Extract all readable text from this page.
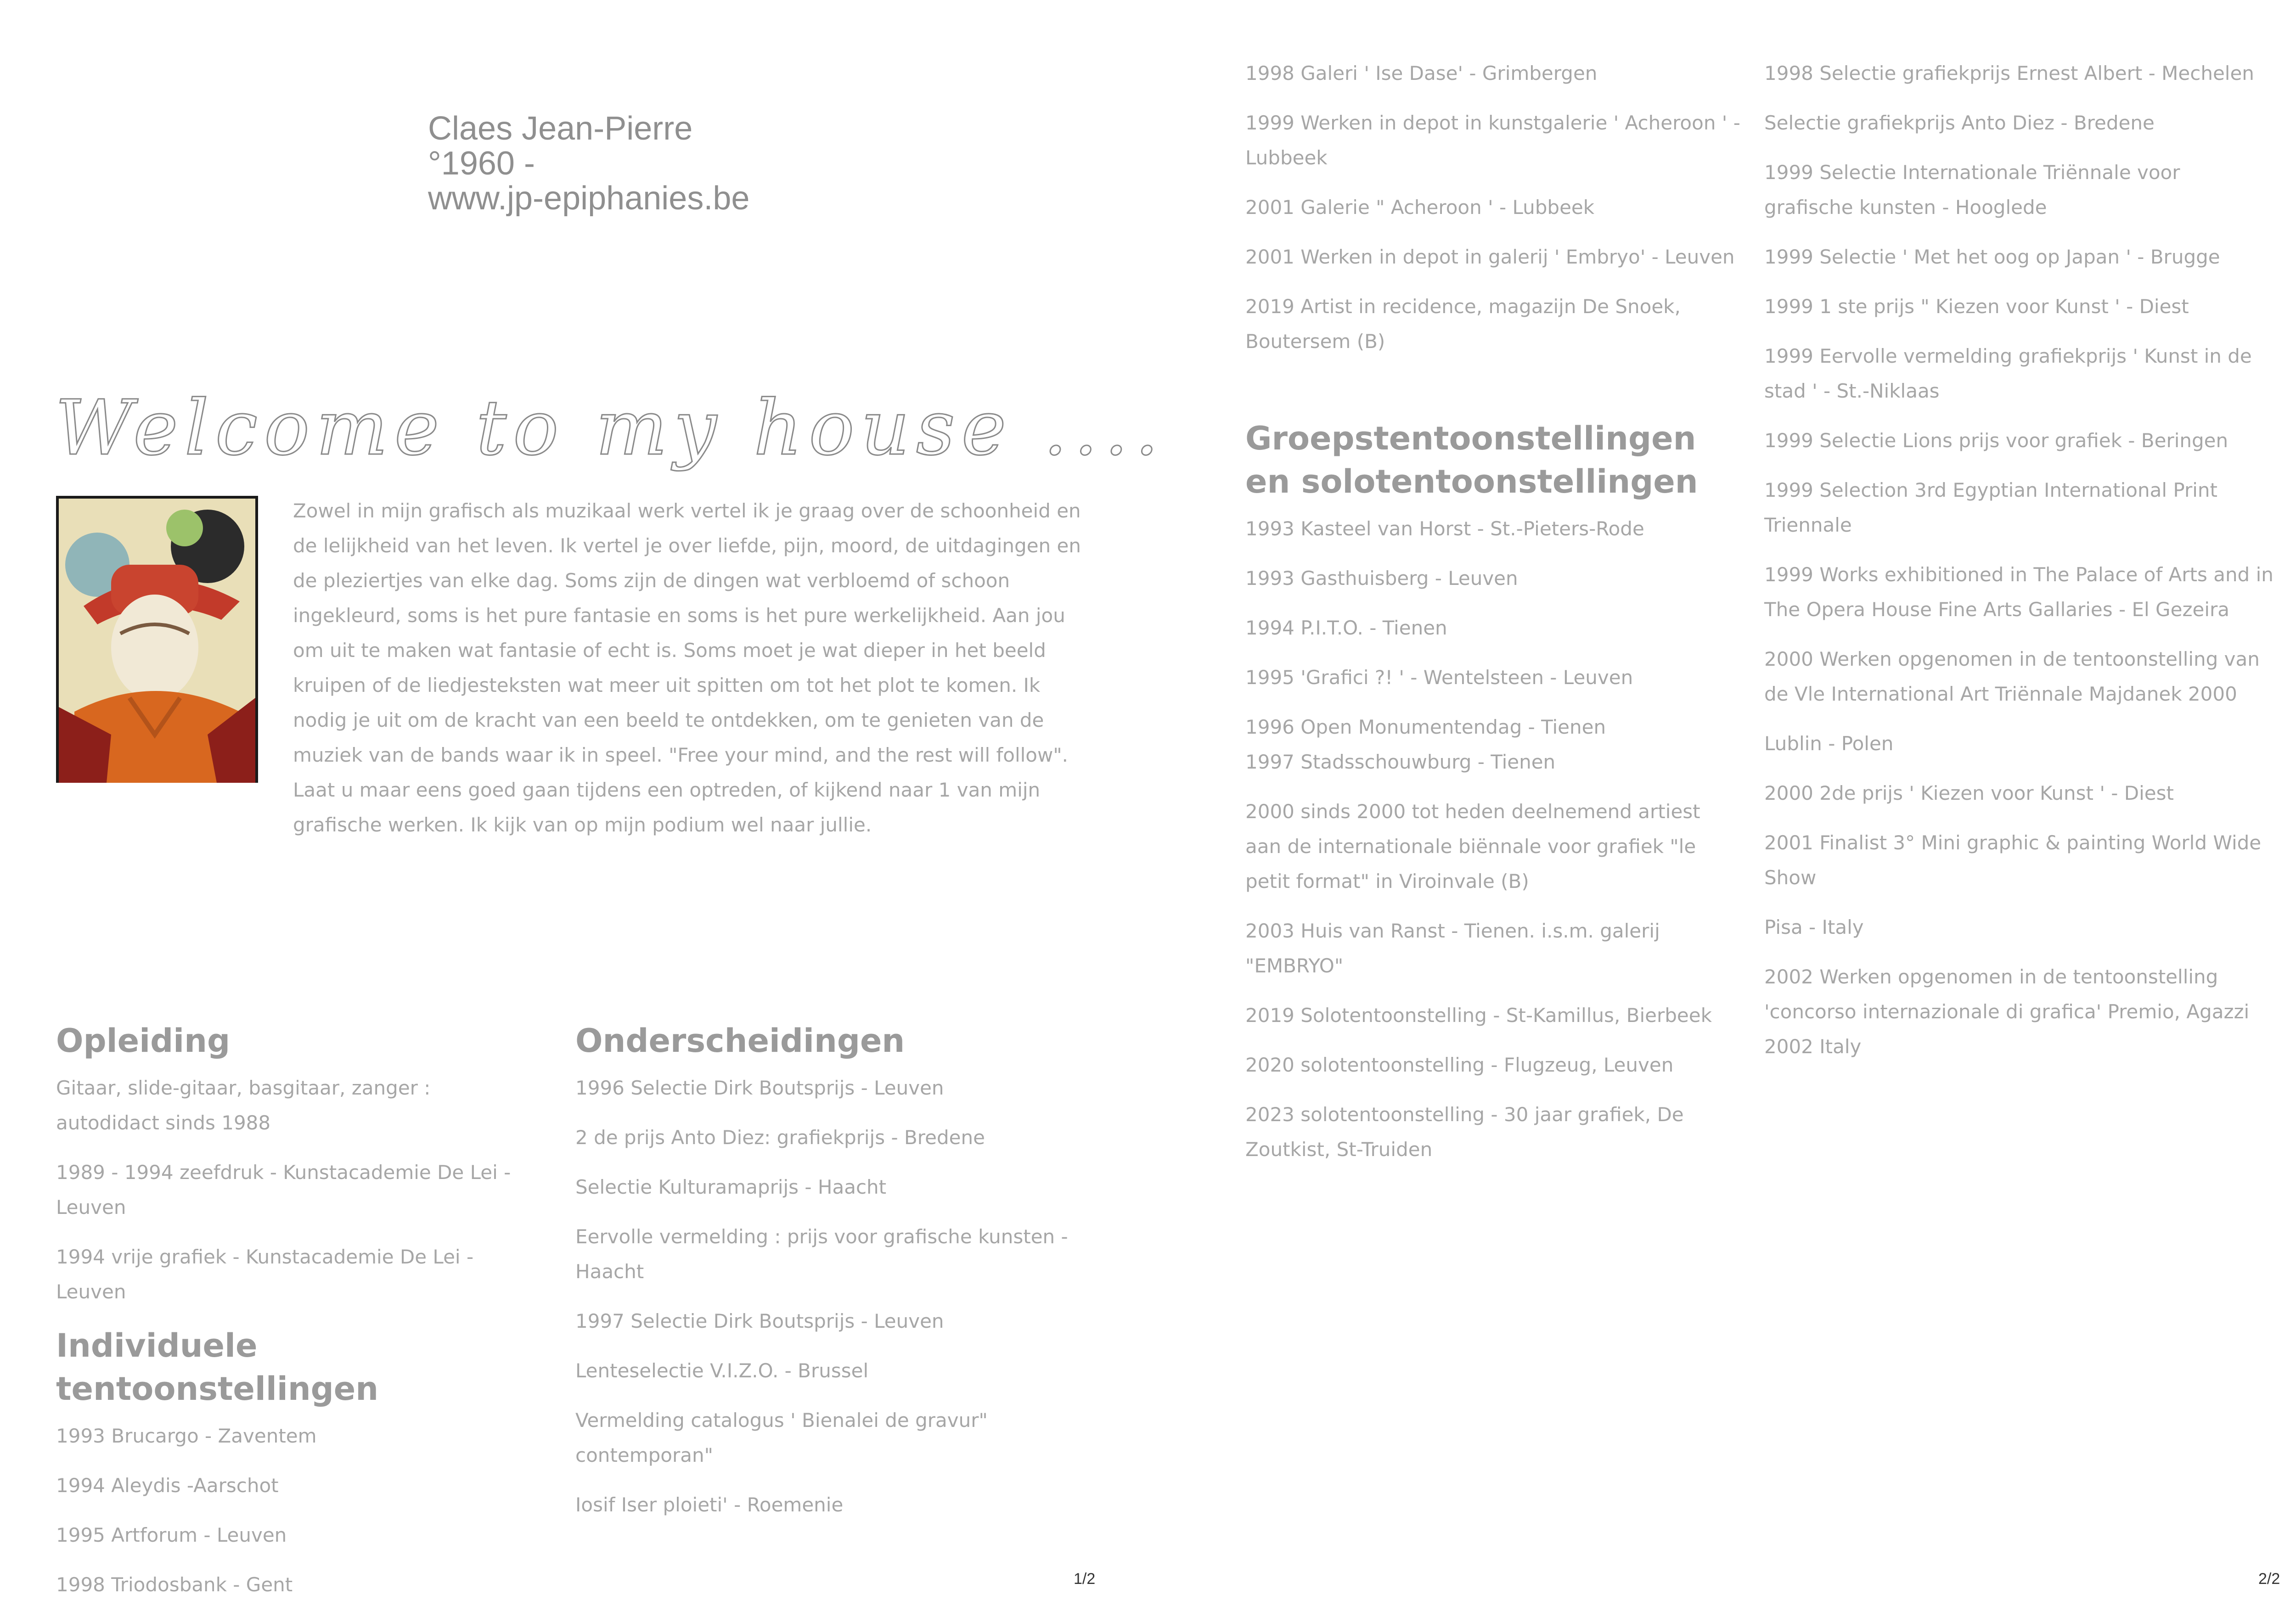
Claes Jean-Pierre
°1960 -
www.jp-epiphanies.be
Welcome to my house ....
Zowel in mijn grafisch als muzikaal werk vertel ik je graag over de schoonheid en de lelijkheid van het leven. Ik vertel je over liefde, pijn, moord, de uitdagingen en de pleziertjes van elke dag. Soms zijn de dingen wat verbloemd of schoon ingekleurd, soms is het pure fantasie en soms is het pure werkelijkheid. Aan jou om uit te maken wat fantasie of echt is. Soms moet je wat dieper in het beeld kruipen of de liedjesteksten wat meer uit spitten om tot het plot te komen. Ik nodig je uit om de kracht van een beeld te ontdekken, om te genieten van de muziek van de bands waar ik in speel. "Free your mind, and the rest will follow". Laat u maar eens goed gaan tijdens een optreden, of kijkend naar 1 van mijn grafische werken. Ik kijk van op mijn podium wel naar jullie.
Opleiding
Gitaar, slide-gitaar, basgitaar, zanger : autodidact sinds 1988
1989 - 1994 zeefdruk - Kunstacademie De Lei - Leuven
1994 vrije grafiek - Kunstacademie De Lei - Leuven
Individuele tentoonstellingen
1993 Brucargo - Zaventem
1994 Aleydis -Aarschot
1995 Artforum - Leuven
1998 Triodosbank - Gent
Onderscheidingen
1996 Selectie Dirk Boutsprijs - Leuven
2 de prijs Anto Diez: grafiekprijs - Bredene
Selectie Kulturamaprijs - Haacht
Eervolle vermelding : prijs voor grafische kunsten - Haacht
1997 Selectie Dirk Boutsprijs - Leuven
Lenteselectie V.I.Z.O. - Brussel
Vermelding catalogus ' Bienalei de gravur" contemporan"
Iosif Iser ploieti' - Roemenie
1998 Galeri ' Ise Dase' - Grimbergen
1999 Werken in depot in kunstgalerie ' Acheroon ' - Lubbeek
2001 Galerie " Acheroon ' - Lubbeek
2001 Werken in depot in galerij ' Embryo' - Leuven
2019 Artist in recidence, magazijn De Snoek, Boutersem (B)
Groepstentoonstellingen en solotentoonstellingen
1993 Kasteel van Horst - St.-Pieters-Rode
1993 Gasthuisberg - Leuven
1994 P.I.T.O. - Tienen
1995 'Grafici ?! ' - Wentelsteen - Leuven
1996 Open Monumentendag - Tienen
1997 Stadsschouwburg - Tienen
2000 sinds 2000 tot heden deelnemend artiest aan de internationale biënnale voor grafiek "le petit format" in Viroinvale (B)
2003 Huis van Ranst - Tienen. i.s.m. galerij "EMBRYO"
2019 Solotentoonstelling - St-Kamillus, Bierbeek
2020 solotentoonstelling - Flugzeug, Leuven
2023 solotentoonstelling - 30 jaar grafiek, De Zoutkist, St-Truiden
1998 Selectie grafiekprijs Ernest Albert - Mechelen
Selectie grafiekprijs Anto Diez - Bredene
1999 Selectie Internationale Triënnale voor grafische kunsten - Hooglede
1999 Selectie ' Met het oog op Japan ' - Brugge
1999 1 ste prijs " Kiezen voor Kunst ' - Diest
1999 Eervolle vermelding grafiekprijs ' Kunst in de stad ' - St.-Niklaas
1999 Selectie Lions prijs voor grafiek - Beringen
1999 Selection 3rd Egyptian International Print Triennale
1999 Works exhibitioned in The Palace of Arts and in The Opera House Fine Arts Gallaries - El Gezeira
2000 Werken opgenomen in de tentoonstelling van de Vle International Art Triënnale Majdanek 2000
Lublin - Polen
2000 2de prijs ' Kiezen voor Kunst ' - Diest
2001 Finalist 3° Mini graphic & painting World Wide Show
Pisa - Italy
2002 Werken opgenomen in de tentoonstelling 'concorso internazionale di grafica' Premio, Agazzi 2002 Italy
1/2	2/2
